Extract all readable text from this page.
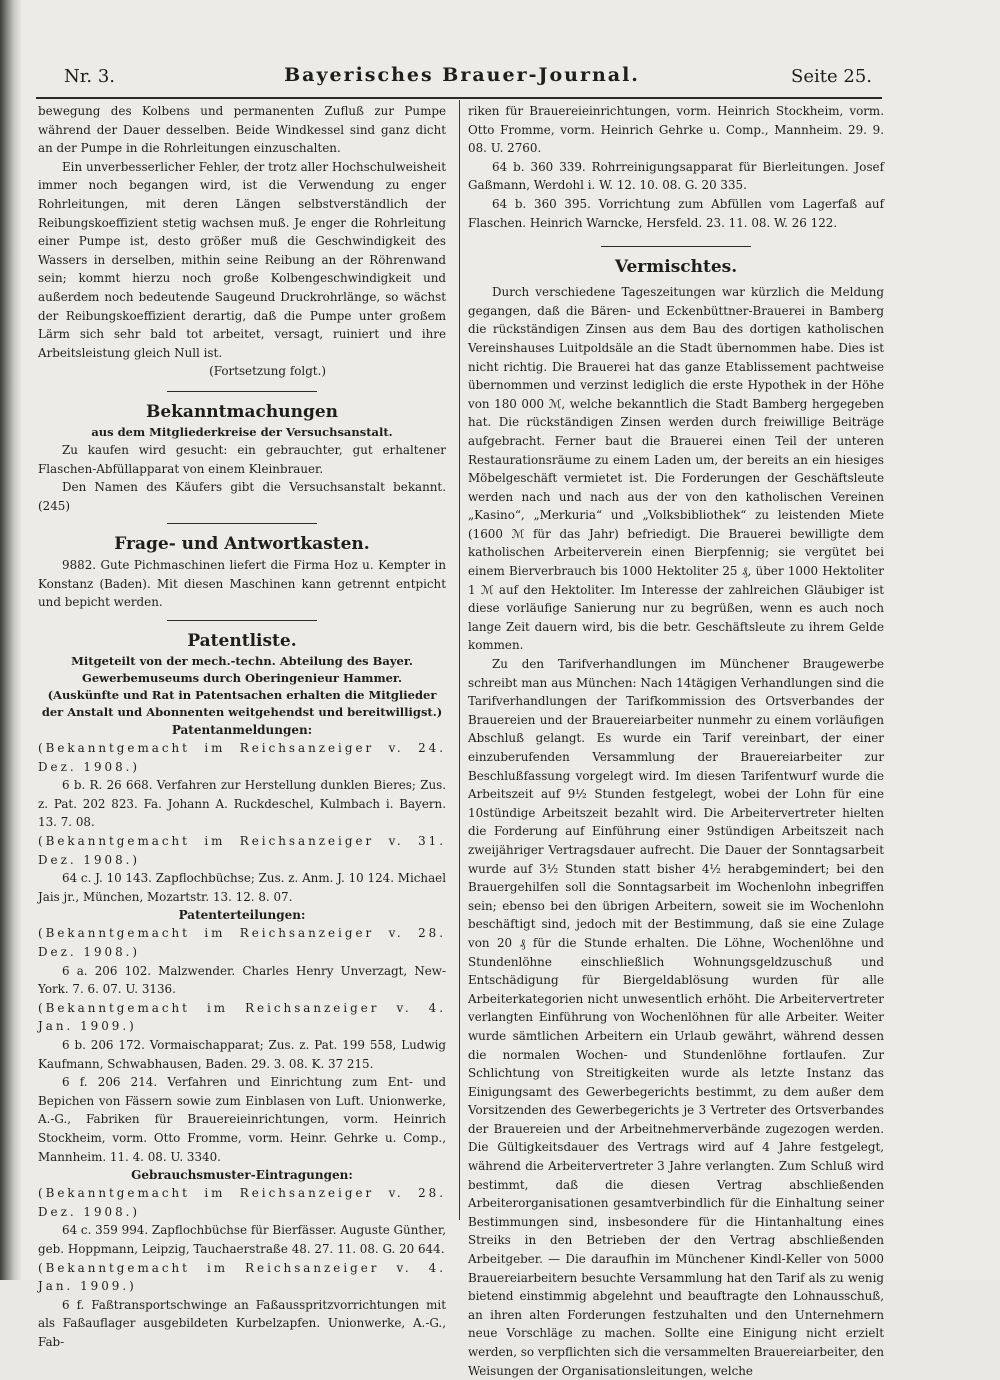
Nr. 3.	Bayerisches Brauer-Journal.	Seite 25.

bewegung des Kolbens und permanenten Zufluß zur Pumpe während der Dauer desselben. Beide Windkessel sind ganz dicht an der Pumpe in die Rohrleitungen einzuschalten.

Ein unverbesserlicher Fehler, der trotz aller Hochschulweisheit immer noch begangen wird, ist die Verwendung zu enger Rohrleitungen, mit deren Längen selbstverständlich der Reibungskoeffizient stetig wachsen muß. Je enger die Rohrleitung einer Pumpe ist, desto größer muß die Geschwindigkeit des Wassers in derselben, mithin seine Reibung an der Röhrenwand sein; kommt hierzu noch große Kolbengeschwindigkeit und außerdem noch bedeutende Saugeund Druckrohrlänge, so wächst der Reibungskoeffizient derartig, daß die Pumpe unter großem Lärm sich sehr bald tot arbeitet, versagt, ruiniert und ihre Arbeitsleistung gleich Null ist.

(Fortsetzung folgt.)

Bekanntmachungen
aus dem Mitgliederkreise der Versuchsanstalt.

Zu kaufen wird gesucht: ein gebrauchter, gut erhaltener Flaschen-Abfüllapparat von einem Kleinbrauer.

Den Namen des Käufers gibt die Versuchsanstalt bekannt. (245)

Frage- und Antwortkasten.

9882. Gute Pichmaschinen liefert die Firma Hoz u. Kempter in Konstanz (Baden). Mit diesen Maschinen kann getrennt entpicht und bepicht werden.

Patentliste.
Mitgeteilt von der mech.-techn. Abteilung des Bayer. Gewerbemuseums durch Oberingenieur Hammer.
(Auskünfte und Rat in Patentsachen erhalten die Mitglieder der Anstalt und Abonnenten weitgehendst und bereitwilligst.)
Patentanmeldungen:

(Bekanntgemacht im Reichsanzeiger v. 24. Dez. 1908.)

6 b. R. 26 668. Verfahren zur Herstellung dunklen Bieres; Zus. z. Pat. 202 823. Fa. Johann A. Ruckdeschel, Kulmbach i. Bayern. 13. 7. 08.

(Bekanntgemacht im Reichsanzeiger v. 31. Dez. 1908.)

64 c. J. 10 143. Zapflochbüchse; Zus. z. Anm. J. 10 124. Michael Jais jr., München, Mozartstr. 13. 12. 8. 07.

Patenterteilungen:

(Bekanntgemacht im Reichsanzeiger v. 28. Dez. 1908.)

6 a. 206 102. Malzwender. Charles Henry Unverzagt, New-York. 7. 6. 07. U. 3136.

(Bekanntgemacht im Reichsanzeiger v. 4. Jan. 1909.)

6 b. 206 172. Vormaischapparat; Zus. z. Pat. 199 558, Ludwig Kaufmann, Schwabhausen, Baden. 29. 3. 08. K. 37 215.

6 f. 206 214. Verfahren und Einrichtung zum Ent- und Bepichen von Fässern sowie zum Einblasen von Luft. Unionwerke, A.-G., Fabriken für Brauereieinrichtungen, vorm. Heinrich Stockheim, vorm. Otto Fromme, vorm. Heinr. Gehrke u. Comp., Mannheim. 11. 4. 08. U. 3340.

Gebrauchsmuster-Eintragungen:

(Bekanntgemacht im Reichsanzeiger v. 28. Dez. 1908.)

64 c. 359 994. Zapflochbüchse für Bierfässer. Auguste Günther, geb. Hoppmann, Leipzig, Tauchaerstraße 48. 27. 11. 08. G. 20 644.

(Bekanntgemacht im Reichsanzeiger v. 4. Jan. 1909.)

6 f. Faßtransportschwinge an Faßausspritzvorrichtungen mit als Faßauflager ausgebildeten Kurbelzapfen. Unionwerke, A.-G., Fab-

riken für Brauereieinrichtungen, vorm. Heinrich Stockheim, vorm. Otto Fromme, vorm. Heinrich Gehrke u. Comp., Mannheim. 29. 9. 08. U. 2760.

64 b. 360 339. Rohrreinigungsapparat für Bierleitungen. Josef Gaßmann, Werdohl i. W. 12. 10. 08. G. 20 335.

64 b. 360 395. Vorrichtung zum Abfüllen vom Lagerfaß auf Flaschen. Heinrich Warncke, Hersfeld. 23. 11. 08. W. 26 122.

Vermischtes.

Durch verschiedene Tageszeitungen war kürzlich die Meldung gegangen, daß die Bären- und Eckenbüttner-Brauerei in Bamberg die rückständigen Zinsen aus dem Bau des dortigen katholischen Vereinshauses Luitpoldsäle an die Stadt übernommen habe. Dies ist nicht richtig. Die Brauerei hat das ganze Etablissement pachtweise übernommen und verzinst lediglich die erste Hypothek in der Höhe von 180 000 ℳ, welche bekanntlich die Stadt Bamberg hergegeben hat. Die rückständigen Zinsen werden durch freiwillige Beiträge aufgebracht. Ferner baut die Brauerei einen Teil der unteren Restaurationsräume zu einem Laden um, der bereits an ein hiesiges Möbelgeschäft vermietet ist. Die Forderungen der Geschäftsleute werden nach und nach aus der von den katholischen Vereinen „Kasino“, „Merkuria“ und „Volksbibliothek“ zu leistenden Miete (1600 ℳ für das Jahr) befriedigt. Die Brauerei bewilligte dem katholischen Arbeiterverein einen Bierpfennig; sie vergütet bei einem Bierverbrauch bis 1000 Hektoliter 25 ₰, über 1000 Hektoliter 1 ℳ auf den Hektoliter. Im Interesse der zahlreichen Gläubiger ist diese vorläufige Sanierung nur zu begrüßen, wenn es auch noch lange Zeit dauern wird, bis die betr. Geschäftsleute zu ihrem Gelde kommen.

Zu den Tarifverhandlungen im Münchener Braugewerbe schreibt man aus München: Nach 14tägigen Verhandlungen sind die Tarifverhandlungen der Tarifkommission des Ortsverbandes der Brauereien und der Brauereiarbeiter nunmehr zu einem vorläufigen Abschluß gelangt. Es wurde ein Tarif vereinbart, der einer einzuberufenden Versammlung der Brauereiarbeiter zur Beschlußfassung vorgelegt wird. Im diesen Tarifentwurf wurde die Arbeitszeit auf 9½ Stunden festgelegt, wobei der Lohn für eine 10stündige Arbeitszeit bezahlt wird. Die Arbeitervertreter hielten die Forderung auf Einführung einer 9stündigen Arbeitszeit nach zweijähriger Vertragsdauer aufrecht. Die Dauer der Sonntagsarbeit wurde auf 3½ Stunden statt bisher 4½ herabgemindert; bei den Brauergehilfen soll die Sonntagsarbeit im Wochenlohn inbegriffen sein; ebenso bei den übrigen Arbeitern, soweit sie im Wochenlohn beschäftigt sind, jedoch mit der Bestimmung, daß sie eine Zulage von 20 ₰ für die Stunde erhalten. Die Löhne, Wochenlöhne und Stundenlöhne einschließlich Wohnungsgeldzuschuß und Entschädigung für Biergeldablösung wurden für alle Arbeiterkategorien nicht unwesentlich erhöht. Die Arbeitervertreter verlangten Einführung von Wochenlöhnen für alle Arbeiter. Weiter wurde sämtlichen Arbeitern ein Urlaub gewährt, während dessen die normalen Wochen- und Stundenlöhne fortlaufen. Zur Schlichtung von Streitigkeiten wurde als letzte Instanz das Einigungsamt des Gewerbegerichts bestimmt, zu dem außer dem Vorsitzenden des Gewerbegerichts je 3 Vertreter des Ortsverbandes der Brauereien und der Arbeitnehmerverbände zugezogen werden. Die Gültigkeitsdauer des Vertrags wird auf 4 Jahre festgelegt, während die Arbeitervertreter 3 Jahre verlangten. Zum Schluß wird bestimmt, daß die diesen Vertrag abschließenden Arbeiterorganisationen gesamtverbindlich für die Einhaltung seiner Bestimmungen sind, insbesondere für die Hintanhaltung eines Streiks in den Betrieben der den Vertrag abschließenden Arbeitgeber. — Die daraufhin im Münchener Kindl-Keller von 5000 Brauereiarbeitern besuchte Versammlung hat den Tarif als zu wenig bietend einstimmig abgelehnt und beauftragte den Lohnausschuß, an ihren alten Forderungen festzuhalten und den Unternehmern neue Vorschläge zu machen. Sollte eine Einigung nicht erzielt werden, so verpflichten sich die versammelten Brauereiarbeiter, den Weisungen der Organisationsleitungen, welche
